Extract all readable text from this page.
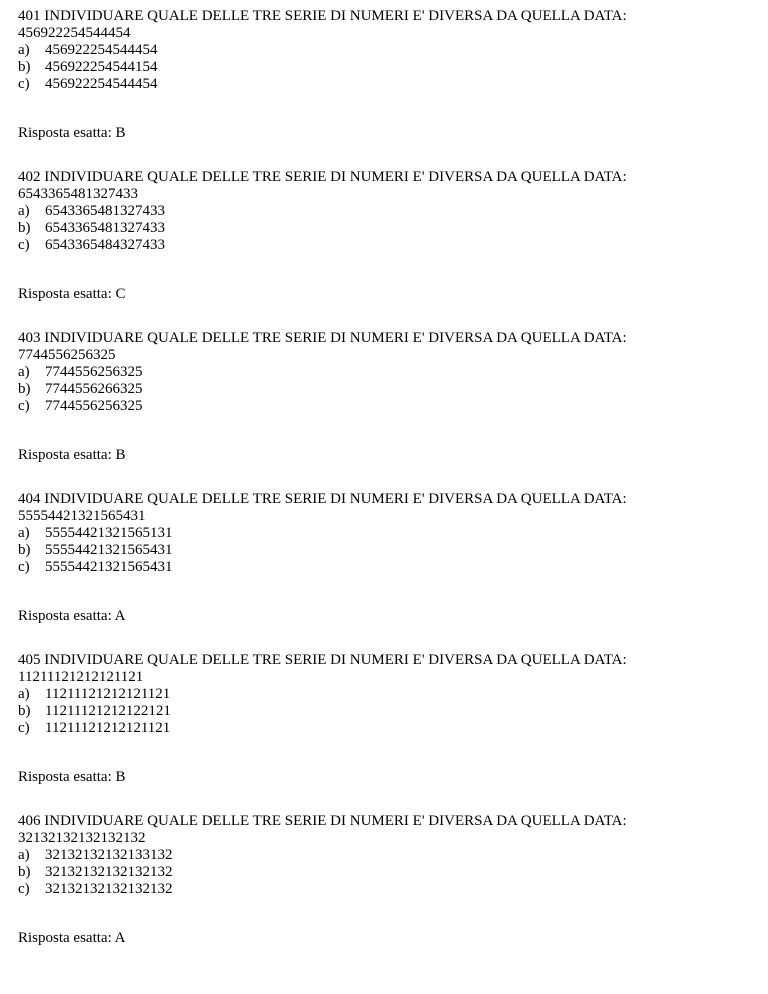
401 INDIVIDUARE QUALE DELLE TRE SERIE DI NUMERI E' DIVERSA DA QUELLA DATA:
456922254544454
a) 456922254544454
b) 456922254544154
c) 456922254544454
Risposta esatta: B
402 INDIVIDUARE QUALE DELLE TRE SERIE DI NUMERI E' DIVERSA DA QUELLA DATA:
6543365481327433
a) 6543365481327433
b) 6543365481327433
c) 6543365484327433
Risposta esatta: C
403 INDIVIDUARE QUALE DELLE TRE SERIE DI NUMERI E' DIVERSA DA QUELLA DATA:
7744556256325
a) 7744556256325
b) 7744556266325
c) 7744556256325
Risposta esatta: B
404 INDIVIDUARE QUALE DELLE TRE SERIE DI NUMERI E' DIVERSA DA QUELLA DATA:
55554421321565431
a) 55554421321565131
b) 55554421321565431
c) 55554421321565431
Risposta esatta: A
405 INDIVIDUARE QUALE DELLE TRE SERIE DI NUMERI E' DIVERSA DA QUELLA DATA:
11211121212121121
a) 11211121212121121
b) 11211121212122121
c) 11211121212121121
Risposta esatta: B
406 INDIVIDUARE QUALE DELLE TRE SERIE DI NUMERI E' DIVERSA DA QUELLA DATA:
32132132132132132
a) 32132132132133132
b) 32132132132132132
c) 32132132132132132
Risposta esatta: A
